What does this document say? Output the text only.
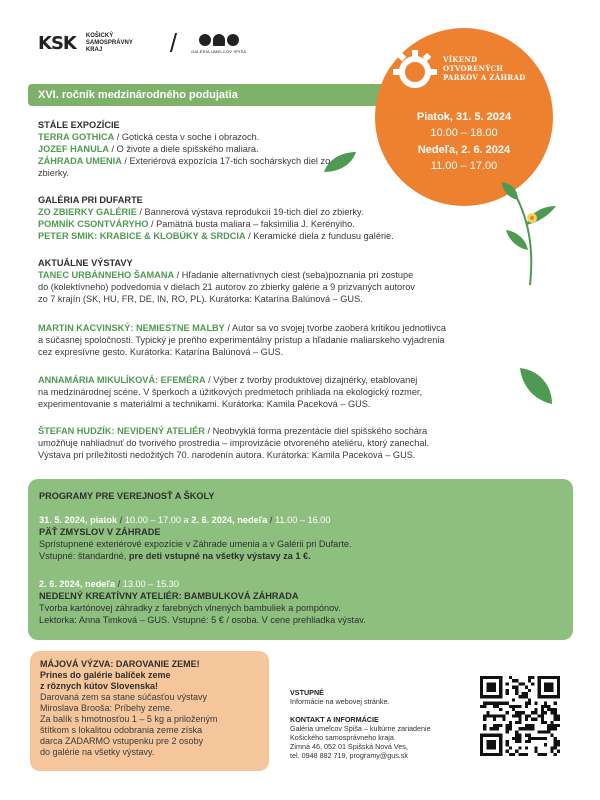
KSK KOŠICKÝ
SAMOSPRÁVNY
KRAJ	/	GALÉRIA UMELCOV SPIŠA
XVI. ročník medzinárodného podujatia
VÍKEND
OTVORENÝCH
PARKOV A ZÁHRAD
Piatok, 31. 5. 2024
10.00 – 18.00
Nedeľa, 2. 6. 2024
11.00 – 17.00
STÁLE EXPOZÍCIE
TERRA GOTHICA / Gotická cesta v soche i obrazoch.
JOZEF HANULA / O živote a diele spišského maliara.
ZÁHRADA UMENIA / Exteriérová expozícia 17-tich sochárskych diel zo zbierky.
GALÉRIA PRI DUFARTE
ZO ZBIERKY GALÉRIE / Bannerová výstava reprodukcií 19-tich diel zo zbierky.
POMNÍK CSONTVÁRYHO / Pamätná busta maliara – faksimilia J. Kerényiho.
PETER SMIK: KRABICE & KLOBÚKY & SRDCIA / Keramické diela z fundusu galérie.
AKTUÁLNE VÝSTAVY
TANEC URBÁNNEHO ŠAMANA / Hľadanie alternatívnych ciest (seba)poznania pri zostupe
do (kolektívneho) podvedomia v dielach 21 autorov zo zbierky galérie a 9 prizvaných autorov
zo 7 krajín (SK, HU, FR, DE, IN, RO, PL). Kurátorka: Katarína Balúnová – GUS.
MARTIN KACVINSKÝ: NEMIESTNE MALBY / Autor sa vo svojej tvorbe zaoberá kritikou jednotlivca
a súčasnej spoločnosti. Typický je preňho experimentálny prístup a hľadanie maliarskeho vyjadrenia
cez expresívne gesto. Kurátorka: Katarína Balúnová – GUS.
ANNAMÁRIA MIKULÍKOVÁ: EFEMÉRA / Výber z tvorby produktovej dizajnérky, etablovanej
na medzinárodnej scéne. V šperkoch a úžitkových predmetoch prihliada na ekologický rozmer,
experimentovanie s materiálmi a technikami. Kurátorka: Kamila Paceková – GUS.
ŠTEFAN HUDZÍK: NEVIDENÝ ATELIÉR / Neobvyklá forma prezentácie diel spišského sochára
umožňuje nahliadnuť do tvorivého prostredia – improvizácie otvoreného ateliéru, ktorý zanechal.
Výstava pri príležitosti nedožitých 70. narodenín autora. Kurátorka: Kamila Paceková – GUS.
PROGRAMY PRE VEREJNOSŤ A ŠKOLY
31. 5. 2024, piatok / 10.00 – 17.00 a 2. 6. 2024, nedeľa / 11.00 – 16.00
PÄŤ ZMYSLOV V ZÁHRADE
Sprístupnené exteriérové expozície v Záhrade umenia a v Galérii pri Dufarte.
Vstupné: štandardné, pre deti vstupné na všetky výstavy za 1 €.
2. 6. 2024, nedeľa / 13.00 – 15.30
NEDEĽNÝ KREATÍVNY ATELIÉR: BAMBULKOVÁ ZÁHRADA
Tvorba kartónovej záhradky z farebných vlnených bambuliek a pompónov.
Lektorka: Anna Timková – GUS. Vstupné: 5 € / osoba. V cene prehliadka výstav.
MÁJOVÁ VÝZVA: DAROVANIE ZEME!
Prines do galérie balíček zeme
z rôznych kútov Slovenska!
Darovaná zem sa stane súčasťou výstavy
Miroslava Brooša: Príbehy zeme.
Za balík s hmotnosťou 1 – 5 kg a priloženým
štítkom s lokalitou odobrania zeme získa
darca ZADARMO vstupenku pre 2 osoby
do galérie na všetky výstavy.
VSTUPNÉ
Informácie na webovej stránke.
KONTAKT A INFORMÁCIE
Galéria umelcov Spiša – kultúrne zariadenie
Košického samosprávneho kraja
Zimná 46, 052 01 Spišská Nová Ves,
tel. 0948 882 719, programy@gus.sk
